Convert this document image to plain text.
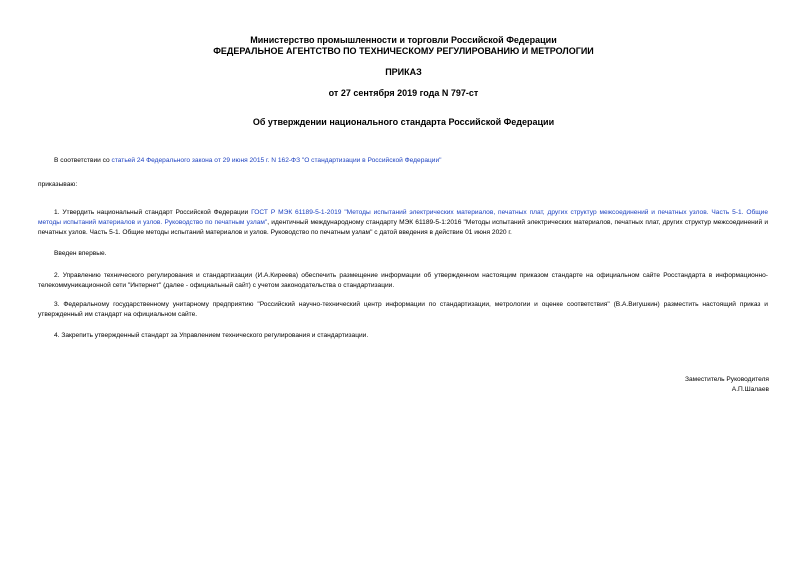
Министерство промышленности и торговли Российской Федерации
ФЕДЕРАЛЬНОЕ АГЕНТСТВО ПО ТЕХНИЧЕСКОМУ РЕГУЛИРОВАНИЮ И МЕТРОЛОГИИ
ПРИКАЗ
от 27 сентября 2019 года N 797-ст
Об утверждении национального стандарта Российской Федерации
В соответствии со статьей 24 Федерального закона от 29 июня 2015 г. N 162-ФЗ "О стандартизации в Российской Федерации"
приказываю:
1. Утвердить национальный стандарт Российской Федерации ГОСТ Р МЭК 61189-5-1-2019 "Методы испытаний электрических материалов, печатных плат, других структур межсоединений и печатных узлов. Часть 5-1. Общие методы испытаний материалов и узлов. Руководство по печатным узлам", идентичный международному стандарту МЭК 61189-5-1:2016 "Методы испытаний электрических материалов, печатных плат, других структур межсоединений и печатных узлов. Часть 5-1. Общие методы испытаний материалов и узлов. Руководство по печатным узлам" с датой введения в действие 01 июня 2020 г.
Введен впервые.
2. Управлению технического регулирования и стандартизации (И.А.Киреева) обеспечить размещение информации об утвержденном настоящим приказом стандарте на официальном сайте Росстандарта в информационно-телекоммуникационной сети "Интернет" (далее - официальный сайт) с учетом законодательства о стандартизации.
3. Федеральному государственному унитарному предприятию "Российский научно-технический центр информации по стандартизации, метрологии и оценке соответствия" (В.А.Вигушкин) разместить настоящий приказ и утвержденный им стандарт на официальном сайте.
4. Закрепить утвержденный стандарт за Управлением технического регулирования и стандартизации.
Заместитель Руководителя
А.П.Шалаев
